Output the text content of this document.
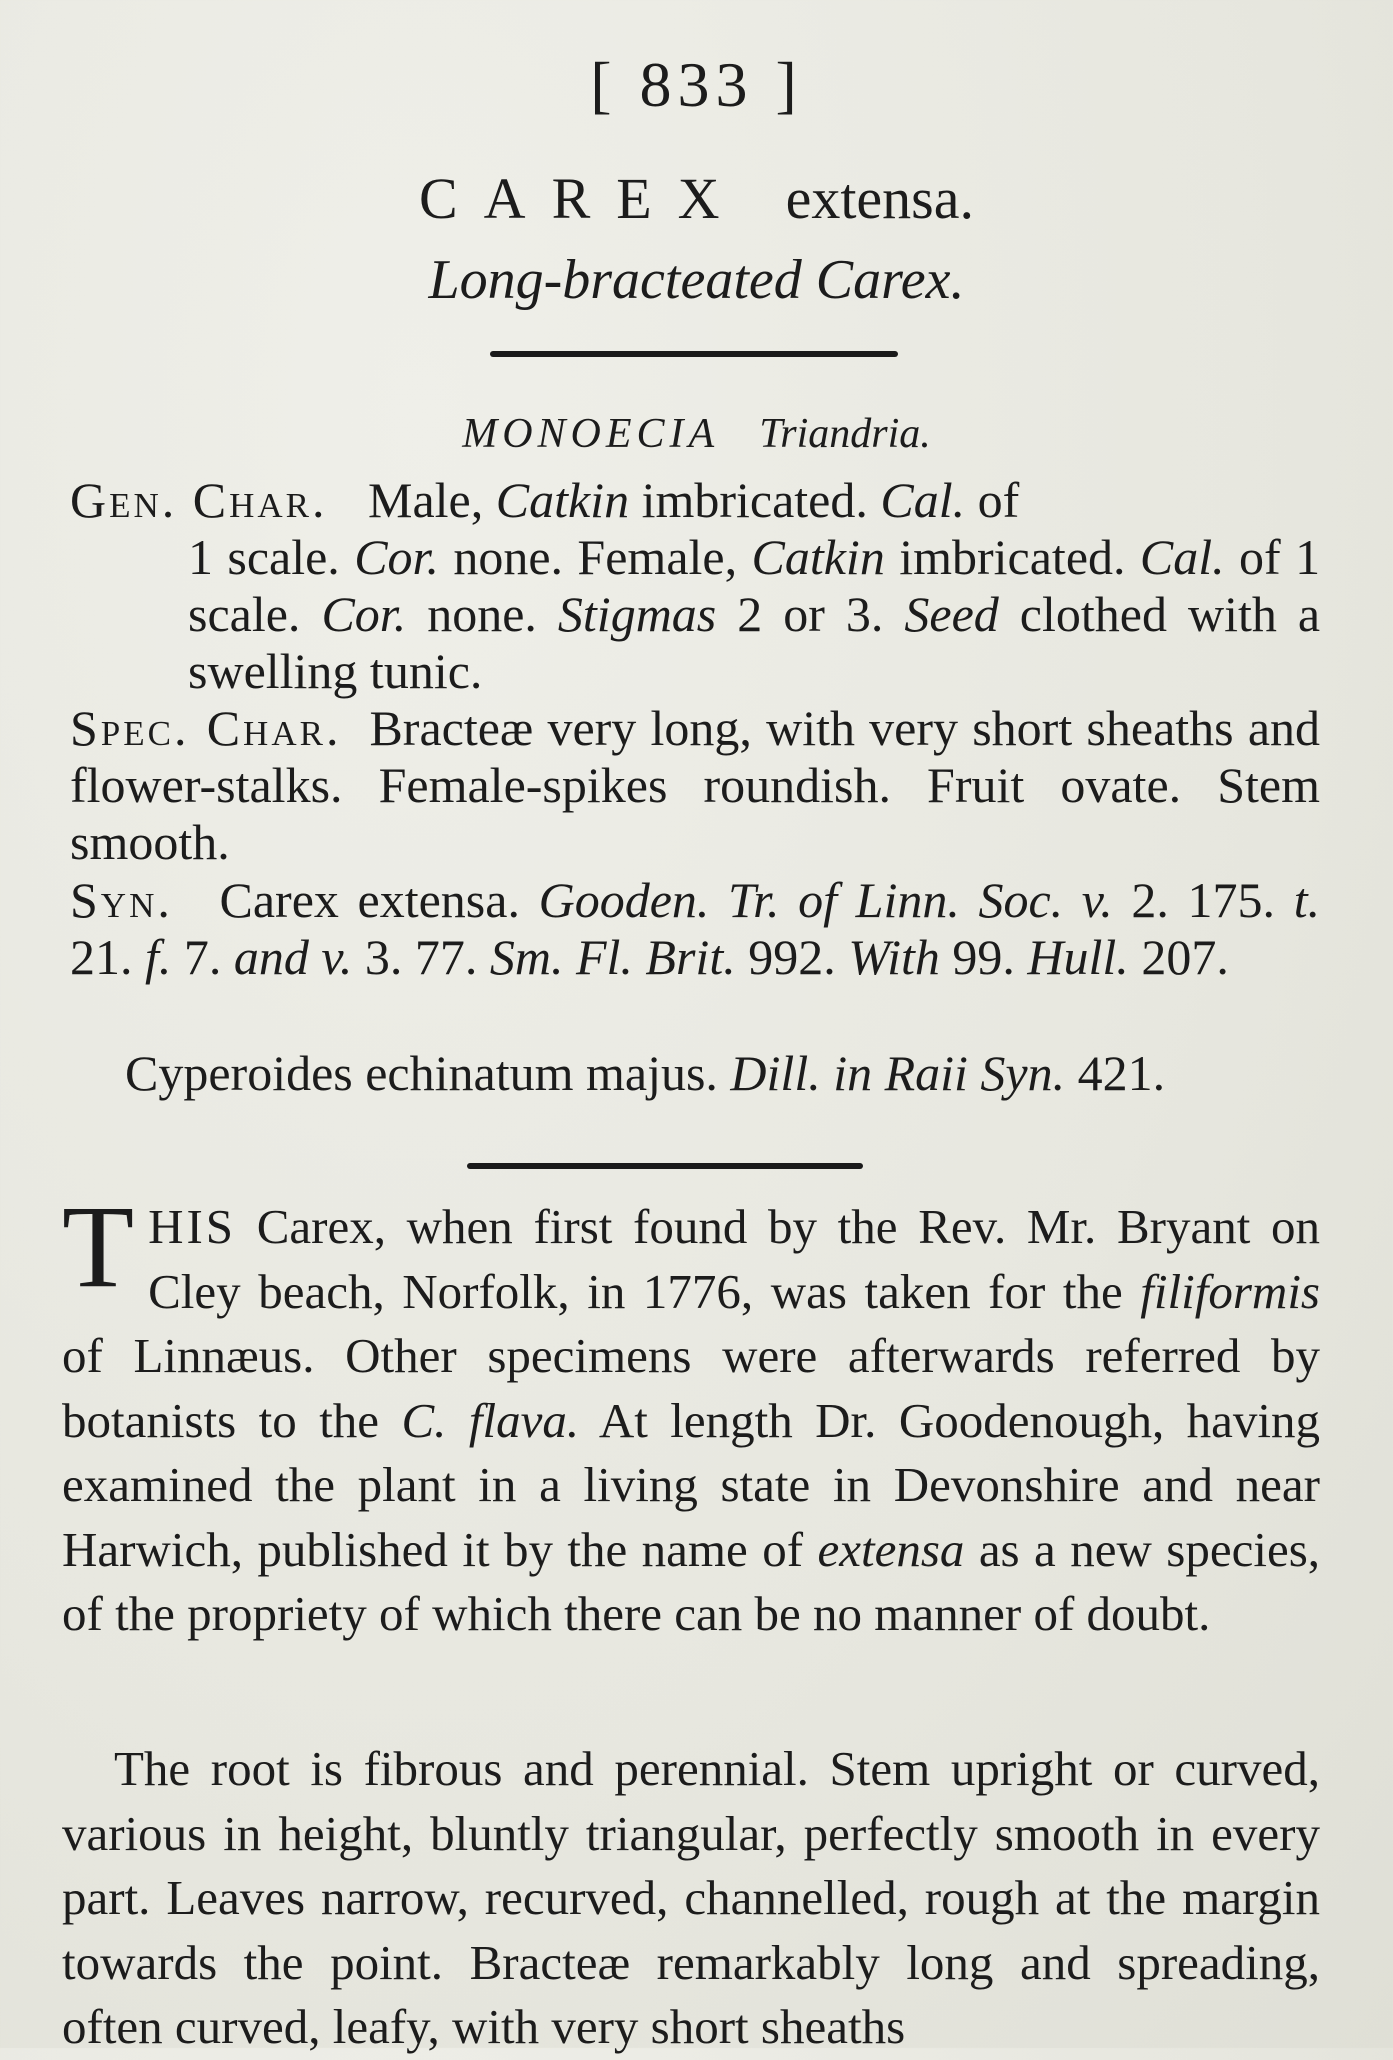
[ 833 ]
CAREX extensa.
Long-bracteated Carex.
MONOECIA Triandria.
Gen. Char. Male, Catkin imbricated. Cal. of
1 scale. Cor. none. Female, Catkin imbricated. Cal. of 1 scale. Cor. none. Stigmas 2 or 3. Seed clothed with a swelling tunic.
Spec. Char. Bracteæ very long, with very short sheaths and flower-stalks. Female-spikes roundish. Fruit ovate. Stem smooth.
Syn. Carex extensa. Gooden. Tr. of Linn. Soc. v. 2. 175. t. 21. f. 7. and v. 3. 77. Sm. Fl. Brit. 992. With 99. Hull. 207.
Cyperoides echinatum majus. Dill. in Raii Syn. 421.
T HIS Carex, when first found by the Rev. Mr. Bryant on Cley beach, Norfolk, in 1776, was taken for the filiformis of Linnæus. Other specimens were afterwards referred by botanists to the C. flava. At length Dr. Goodenough, having examined the plant in a living state in Devonshire and near Harwich, published it by the name of extensa as a new species, of the propriety of which there can be no manner of doubt.
The root is fibrous and perennial. Stem upright or curved, various in height, bluntly triangular, perfectly smooth in every part. Leaves narrow, recurved, channelled, rough at the margin towards the point. Bracteæ remarkably long and spreading, often curved, leafy, with very short sheaths
